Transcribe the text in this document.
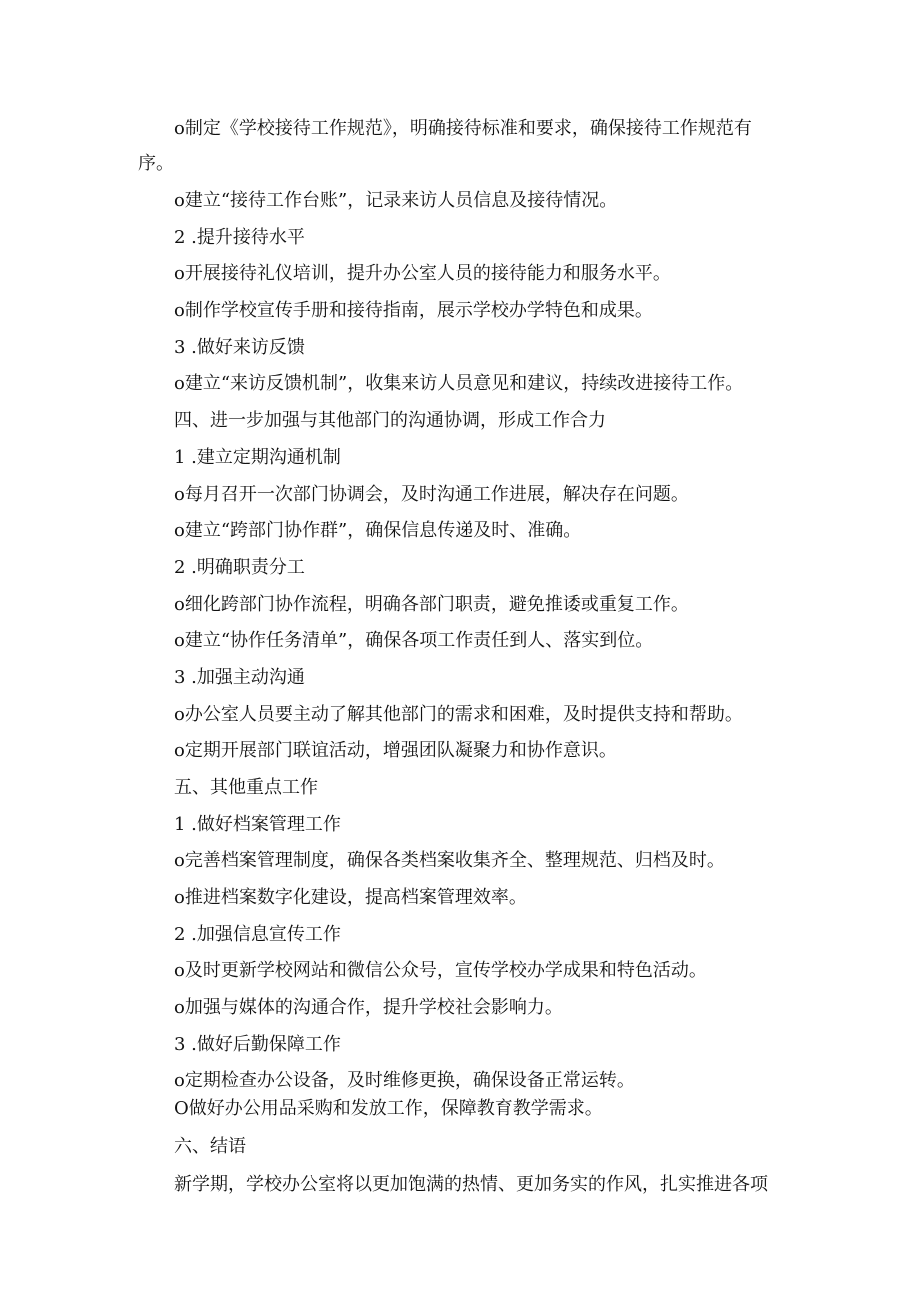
o制定《学校接待工作规范》，明确接待标准和要求，确保接待工作规范有
序。
o建立“接待工作台账”，记录来访人员信息及接待情况。
2 .提升接待水平
o开展接待礼仪培训，提升办公室人员的接待能力和服务水平。
o制作学校宣传手册和接待指南，展示学校办学特色和成果。
3 .做好来访反馈
o建立“来访反馈机制”，收集来访人员意见和建议，持续改进接待工作。
四、进一步加强与其他部门的沟通协调，形成工作合力
1 .建立定期沟通机制
o每月召开一次部门协调会，及时沟通工作进展，解决存在问题。
o建立“跨部门协作群”，确保信息传递及时、准确。
2 .明确职责分工
o细化跨部门协作流程，明确各部门职责，避免推诿或重复工作。
o建立“协作任务清单”，确保各项工作责任到人、落实到位。
3 .加强主动沟通
o办公室人员要主动了解其他部门的需求和困难，及时提供支持和帮助。
o定期开展部门联谊活动，增强团队凝聚力和协作意识。
五、其他重点工作
1 .做好档案管理工作
o完善档案管理制度，确保各类档案收集齐全、整理规范、归档及时。
o推进档案数字化建设，提高档案管理效率。
2 .加强信息宣传工作
o及时更新学校网站和微信公众号，宣传学校办学成果和特色活动。
o加强与媒体的沟通合作，提升学校社会影响力。
3 .做好后勤保障工作
o定期检查办公设备，及时维修更换，确保设备正常运转。
O做好办公用品采购和发放工作，保障教育教学需求。
六、结语
新学期，学校办公室将以更加饱满的热情、更加务实的作风，扎实推进各项
